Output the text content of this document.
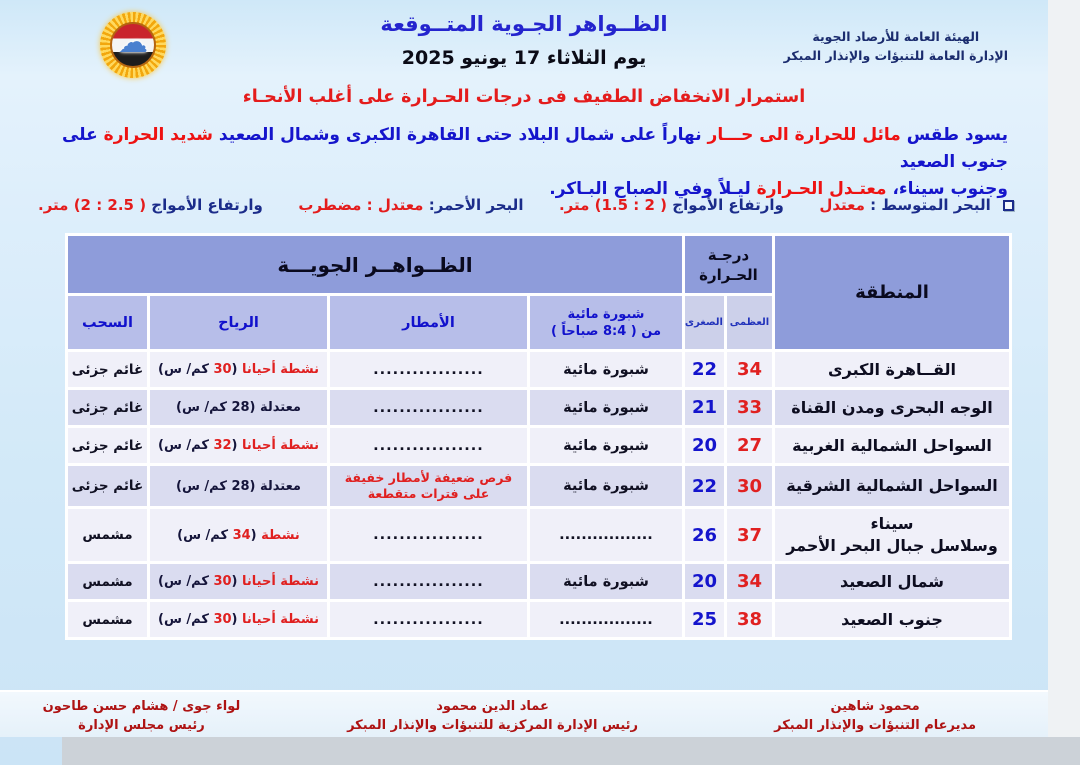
☁
الظــواهر الجـوية المتــوقعة
يوم الثلاثاء 17 يونيو 2025
الهيئة العامة للأرصاد الجوية
الإدارة العامة للتنبؤات والإنذار المبكر
استمرار الانخفاض الطفيف فى درجات الحـرارة على أغلب الأنحـاء
يسود طقس مائل للحرارة الى حـــار نهاراً على شمال البلاد حتى القاهرة الكبرى وشمال الصعيد شديد الحرارة على جنوب الصعيد
وجنوب سيناء، معتـدل الحـرارة ليـلاً وفي الصباح البـاكر.
البحر المتوسط : معتدل
وارتفاع الأمواج (1.5 : 2 ) متر.
البحر الأحمر: معتدل : مضطرب
وارتفاع الأمواج (2 : 2.5 ) متر.
المنطقة	درجـة الحـرارة		الظــواهــر الجويـــة			
	العظمى	الصغرى	شبورة مائية
من ( 8:4 صباحاً )	الأمطار	الرياح	السحب
القــاهرة الكبرى	34	22	شبورة مائية	.................	نشطة أحيانا (30 كم/ س)	غائم جزئى
الوجه البحرى ومدن القناة	33	21	شبورة مائية	.................	معتدلة (28 كم/ س)	غائم جزئى
السواحل الشمالية الغربية	27	20	شبورة مائية	.................	نشطة أحيانا (32 كم/ س)	غائم جزئى
السواحل الشمالية الشرقية	30	22	شبورة مائية	فرص ضعيفة لأمطار خفيفة
على فترات متقطعة	معتدلة (28 كم/ س)	غائم جزئى
سيناء
وسلاسل جبال البحر الأحمر	37	26	.................	.................	نشطة (34 كم/ س)	مشمس
شمال الصعيد	34	20	شبورة مائية	.................	نشطة أحيانا (30 كم/ س)	مشمس
جنوب الصعيد	38	25	.................	.................	نشطة أحيانا (30 كم/ س)	مشمس
محمود شاهين
مديرعام التنبؤات والإنذار المبكر
عماد الدين محمود
رئيس الإدارة المركزية للتنبؤات والإنذار المبكر
لواء جوى / هشام حسن طاحون
رئيس مجلس الإدارة
